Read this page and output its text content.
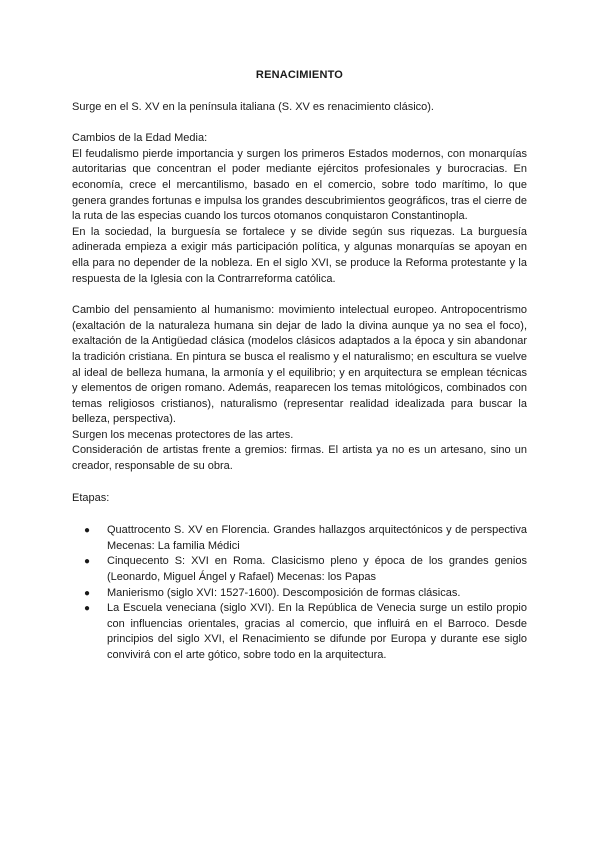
RENACIMIENTO

Surge en el S. XV en la península italiana (S. XV es renacimiento clásico).

Cambios de la Edad Media:

El feudalismo pierde importancia y surgen los primeros Estados modernos, con monarquías autoritarias que concentran el poder mediante ejércitos profesionales y burocracias. En economía, crece el mercantilismo, basado en el comercio, sobre todo marítimo, lo que genera grandes fortunas e impulsa los grandes descubrimientos geográficos, tras el cierre de la ruta de las especias cuando los turcos otomanos conquistaron Constantinopla.

En la sociedad, la burguesía se fortalece y se divide según sus riquezas. La burguesía adinerada empieza a exigir más participación política, y algunas monarquías se apoyan en ella para no depender de la nobleza. En el siglo XVI, se produce la Reforma protestante y la respuesta de la Iglesia con la Contrarreforma católica.

Cambio del pensamiento al humanismo: movimiento intelectual europeo. Antropocentrismo (exaltación de la naturaleza humana sin dejar de lado la divina aunque ya no sea el foco), exaltación de la Antigüedad clásica (modelos clásicos adaptados a la época y sin abandonar la tradición cristiana. En pintura se busca el realismo y el naturalismo; en escultura se vuelve al ideal de belleza humana, la armonía y el equilibrio; y en arquitectura se emplean técnicas y elementos de origen romano. Además, reaparecen los temas mitológicos, combinados con temas religiosos cristianos), naturalismo (representar realidad idealizada para buscar la belleza, perspectiva).

Surgen los mecenas protectores de las artes.

Consideración de artistas frente a gremios: firmas. El artista ya no es un artesano, sino un creador, responsable de su obra.

Etapas:

● Quattrocento S. XV en Florencia. Grandes hallazgos arquitectónicos y de perspectiva Mecenas: La familia Médici
● Cinquecento S: XVI en Roma. Clasicismo pleno y época de los grandes genios (Leonardo, Miguel Ángel y Rafael) Mecenas: los Papas
● Manierismo (siglo XVI: 1527-1600). Descomposición de formas clásicas.
● La Escuela veneciana (siglo XVI). En la República de Venecia surge un estilo propio con influencias orientales, gracias al comercio, que influirá en el Barroco. Desde principios del siglo XVI, el Renacimiento se difunde por Europa y durante ese siglo convivirá con el arte gótico, sobre todo en la arquitectura.
